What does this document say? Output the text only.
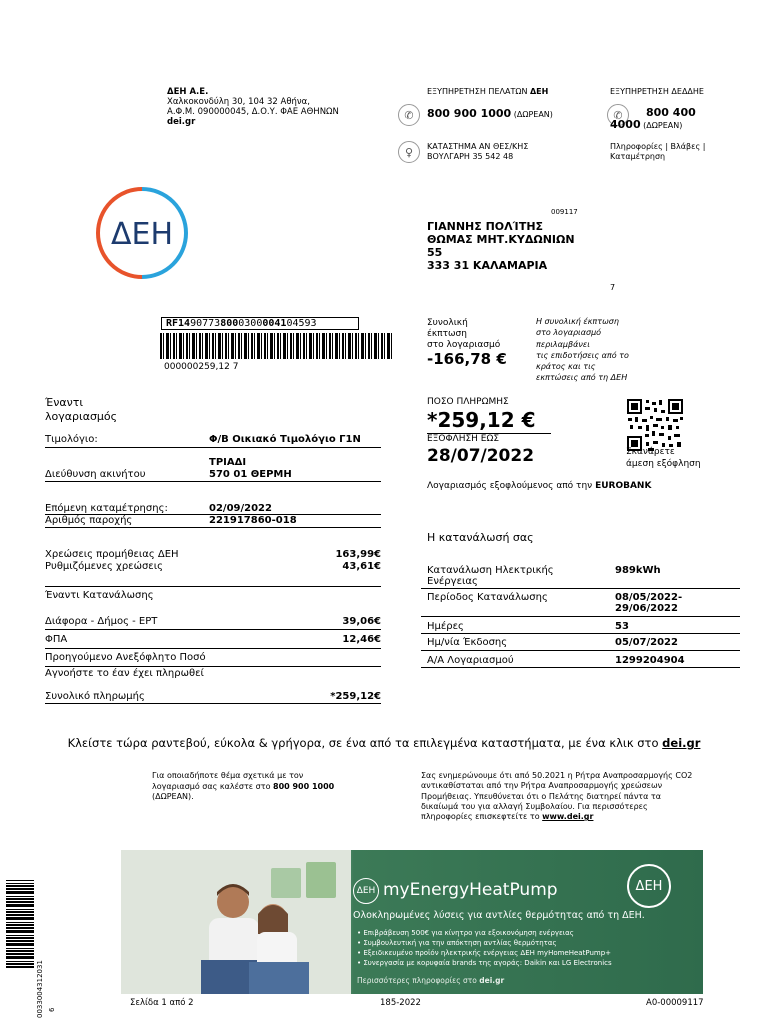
ΔΕΗ Α.Ε.
Χαλκοκονδύλη 30, 104 32 Αθήνα,
Α.Φ.Μ. 090000045, Δ.Ο.Υ. ΦΑΕ ΑΘΗΝΩΝ
dei.gr
ΕΞΥΠΗΡΕΤΗΣΗ ΠΕΛΑΤΩΝ ΔΕΗ
✆	800 900 1000 (ΔΩΡΕΑΝ)
♀	ΚΑΤΑΣΤΗΜΑ ΑΝ ΘΕΣ/ΚΗΣ
ΒΟΥΛΓΑΡΗ 35 542 48
ΕΞΥΠΗΡΕΤΗΣΗ ΔΕΔΔΗΕ
✆	800 400
4000 (ΔΩΡΕΑΝ)
Πληροφορίες | Βλάβες |
Καταμέτρηση
ΔΕΗ
009117
ΓΙΑΝΝΗΣ ΠΟΛΊΤΗΣ
ΘΩΜΑΣ ΜΗΤ.ΚΥΔΩΝΙΩΝ
55
333 31 ΚΑΛΑΜΑΡΙΑ
7
RF14907738000300004104593
000000259,12 7
Συνολική
έκπτωση
στο λογαριασμό
-166,78 €
Η συνολική έκπτωση
στο λογαριασμό
περιλαμβάνει
τις επιδοτήσεις από το
κράτος και τις
εκπτώσεις από τη ΔΕΗ
Έναντι
λογαριασμός
Τιμολόγιο:	Φ/Β Οικιακό Τιμολόγιο Γ1Ν
ΤΡΙΑΔΙ
Διεύθυνση ακινήτου	570 01 ΘΕΡΜΗ
Επόμενη καταμέτρησης:	02/09/2022
Αριθμός παροχής	221917860-018
Χρεώσεις προμήθειας ΔΕΗ	163,99€
Ρυθμιζόμενες χρεώσεις	43,61€
Έναντι Κατανάλωσης
Διάφορα - Δήμος - ΕΡΤ	39,06€
ΦΠΑ	12,46€
Προηγούμενο Ανεξόφλητο Ποσό
Αγνοήστε το έαν έχει πληρωθεί
Συνολικό πληρωμής	*259,12€
ΠΟΣΟ ΠΛΗΡΩΜΗΣ
*259,12 €
ΕΞΟΦΛΗΣΗ ΕΩΣ
28/07/2022	Σκανάρετε
άμεση εξόφληση
Λογαριασμός εξοφλούμενος από την EUROBANK
Η κατανάλωσή σας
Κατανάλωση Ηλεκτρικής
Ενέργειας
989kWh
Περίοδος Κατανάλωσης	08/05/2022-
29/06/2022
Ημέρες	53
Ημ/νία Έκδοσης	05/07/2022
Α/Α Λογαριασμού	1299204904
Κλείστε τώρα ραντεβού, εύκολα & γρήγορα, σε ένα από τα επιλεγμένα καταστήματα, με ένα κλικ στο dei.gr
Για οποιαδήποτε θέμα σχετικά με τον
λογαριασμό σας καλέστε στο 800 900 1000
(ΔΩΡΕΑΝ).
Σας ενημερώνουμε ότι από 50.2021 η Ρήτρα Αναπροσαρμογής CO2
αντικαθίσταται από την Ρήτρα Αναπροσαρμογής χρεώσεων
Προμήθειας. Υπευθύνεται ότι ο Πελάτης διατηρεί πάντα τα
δικαίωμά του για αλλαγή Συμβολαίου. Για περισσότερες
πληροφορίες επισκεφτείτε το www.dei.gr
ΔΕΗ myEnergyHeatPump	ΔΕΗ
Ολοκληρωμένες λύσεις για αντλίες θερμότητας από τη ΔΕΗ.
• Επιβράβευση 500€ για κίνητρο για εξοικονόμηση ενέργειας
• Συμβουλευτική για την απόκτηση αντλίας θερμότητας
• Εξειδικευμένο προϊόν ηλεκτρικής ενέργειας ΔΕΗ myHomeHeatPump+
• Συνεργασία με κορυφαία brands της αγοράς: Daikin και LG Electronics
Περισσότερες πληροφορίες στο dei.gr
0033004312031 6
Σελίδα 1 από 2	185-2022	Α0-00009117
